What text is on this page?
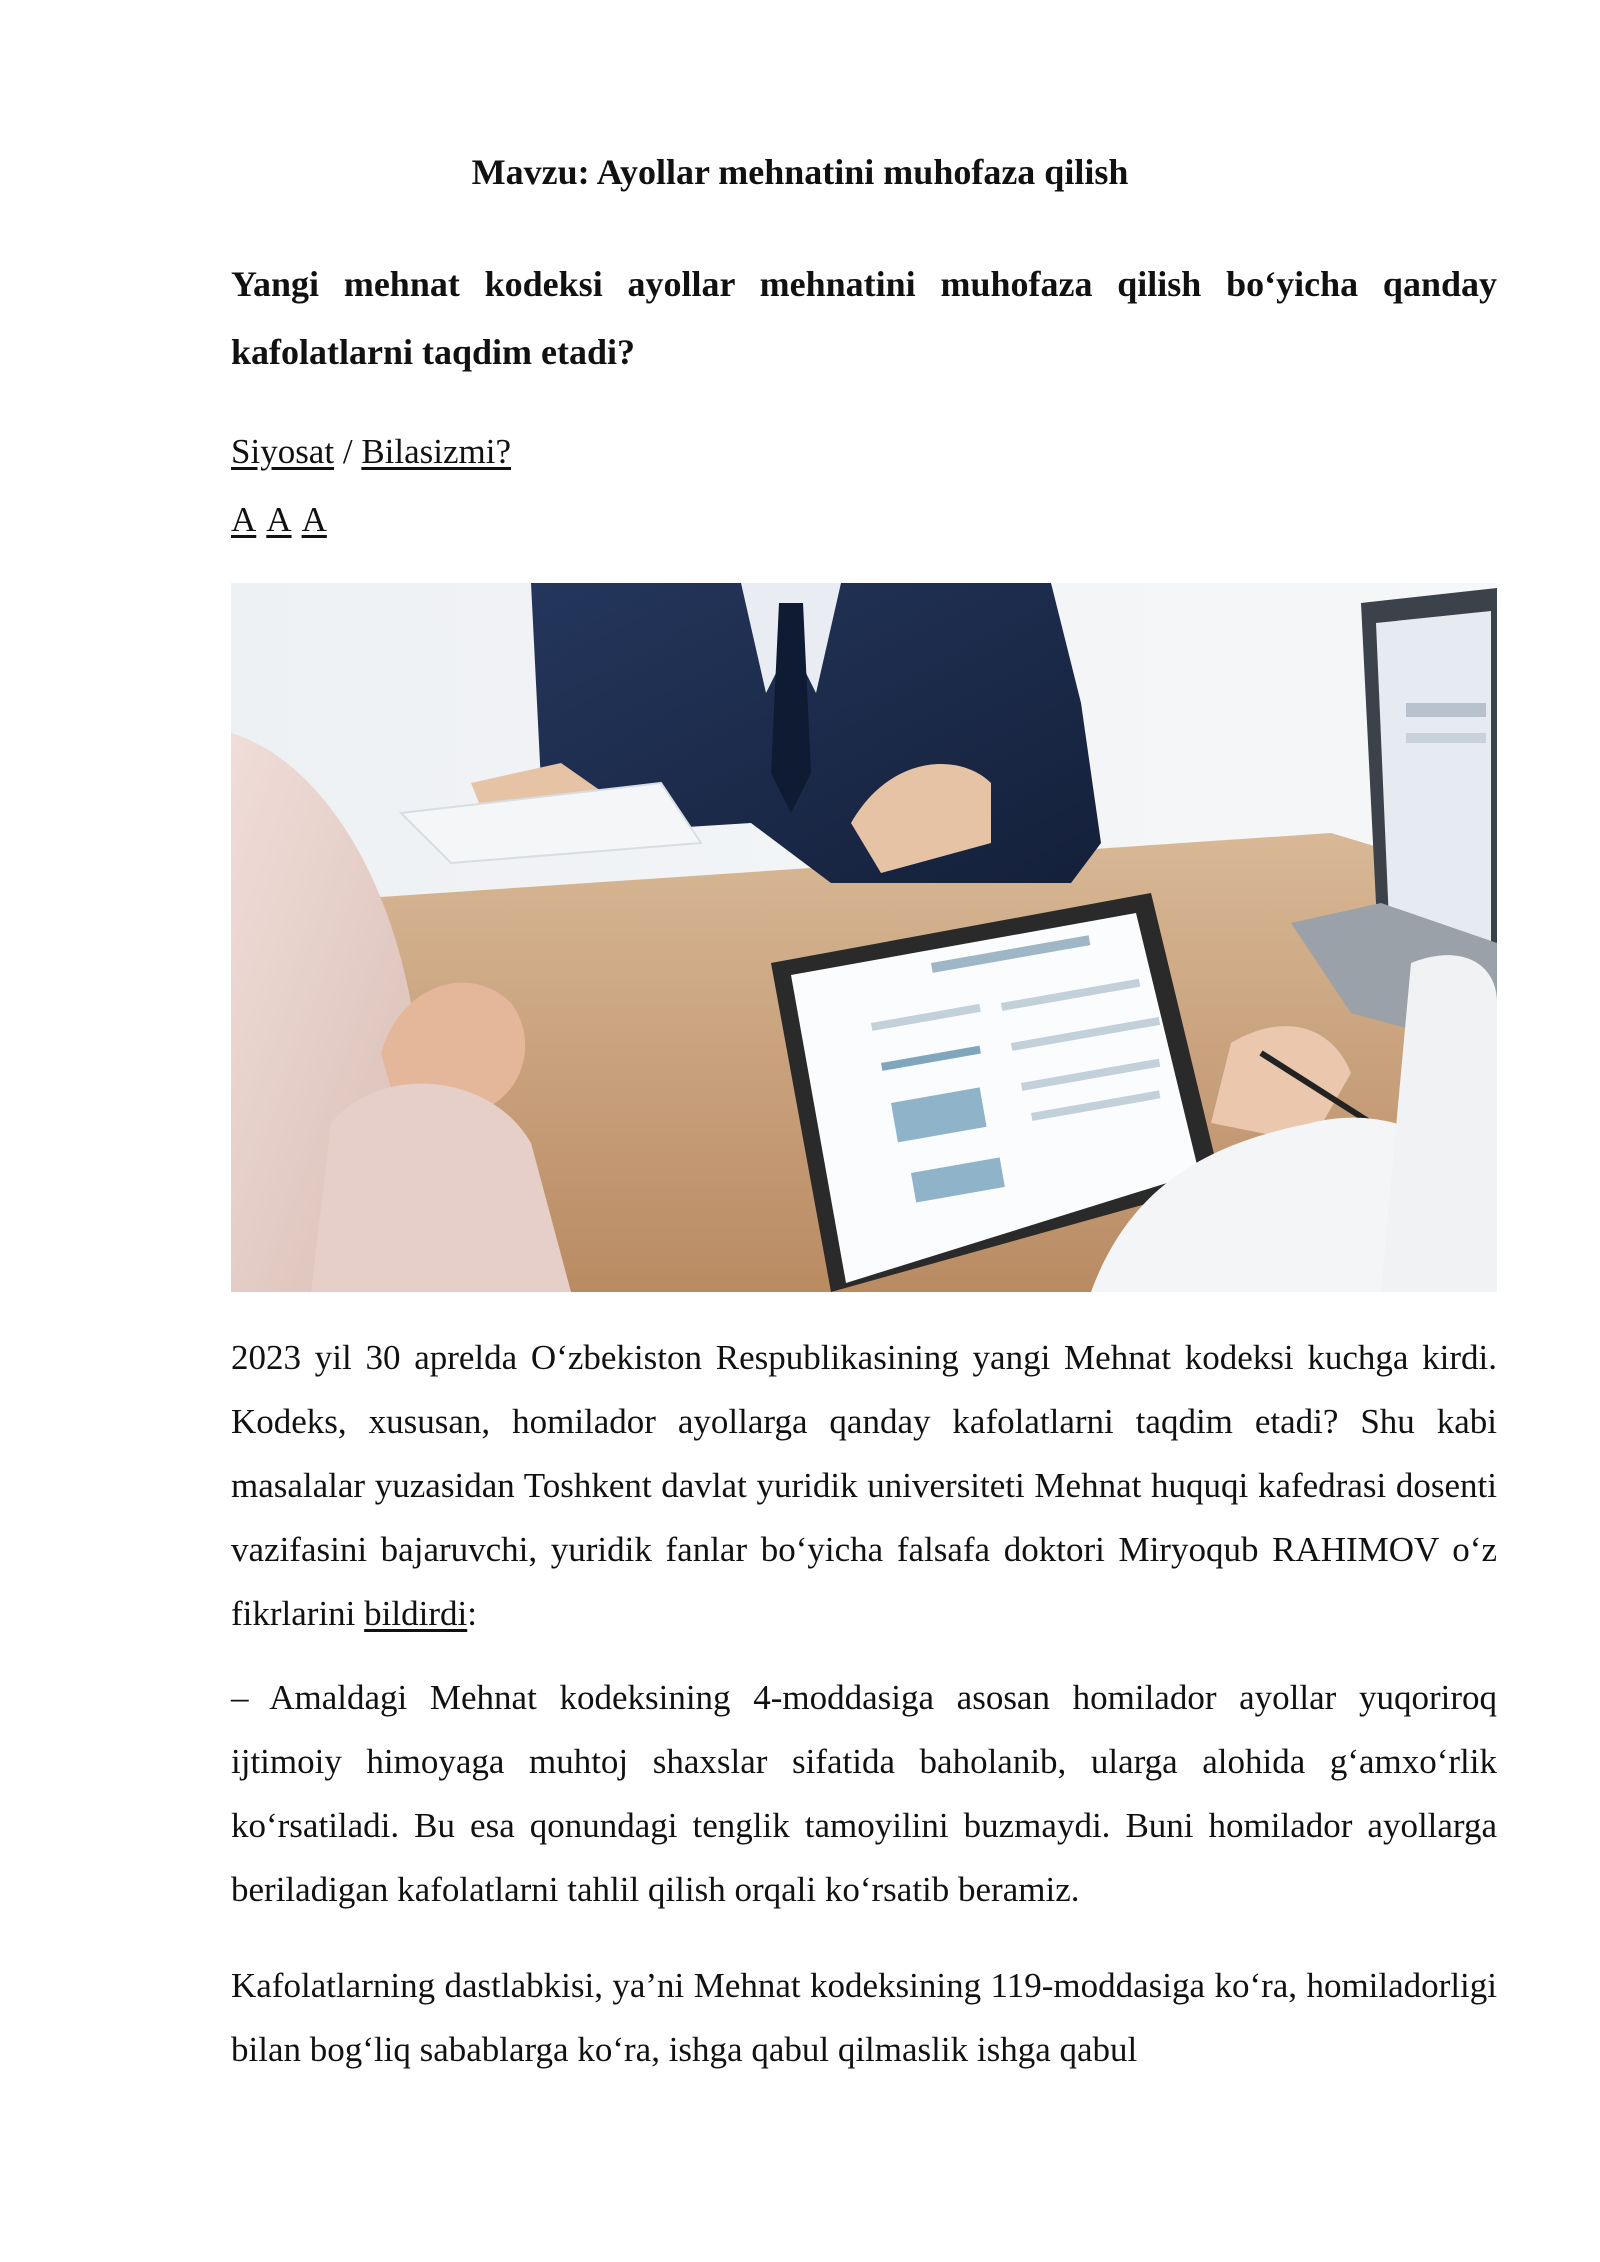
Mavzu: Ayollar mehnatini muhofaza qilish

Yangi mehnat kodeksi ayollar mehnatini muhofaza qilish bo‘yicha qanday kafolatlarni taqdim etadi?

Siyosat / Bilasizmi?
A A A

2023 yil 30 aprelda O‘zbekiston Respublikasining yangi Mehnat kodeksi kuchga kirdi. Kodeks, xususan, homilador ayollarga qanday kafolatlarni taqdim etadi? Shu kabi masalalar yuzasidan Toshkent davlat yuridik universiteti Mehnat huquqi kafedrasi dosenti vazifasini bajaruvchi, yuridik fanlar bo‘yicha falsafa doktori Miryoqub RAHIMOV o‘z fikrlarini bildirdi:

– Amaldagi Mehnat kodeksining 4-moddasiga asosan homilador ayollar yuqoriroq ijtimoiy himoyaga muhtoj shaxslar sifatida baholanib, ularga alohida g‘amxo‘rlik ko‘rsatiladi. Bu esa qonundagi tenglik tamoyilini buzmaydi. Buni homilador ayollarga beriladigan kafolatlarni tahlil qilish orqali ko‘rsatib beramiz.

Kafolatlarning dastlabkisi, ya’ni Mehnat kodeksining 119-moddasiga ko‘ra, homiladorligi bilan bog‘liq sabablarga ko‘ra, ishga qabul qilmaslik ishga qabul
